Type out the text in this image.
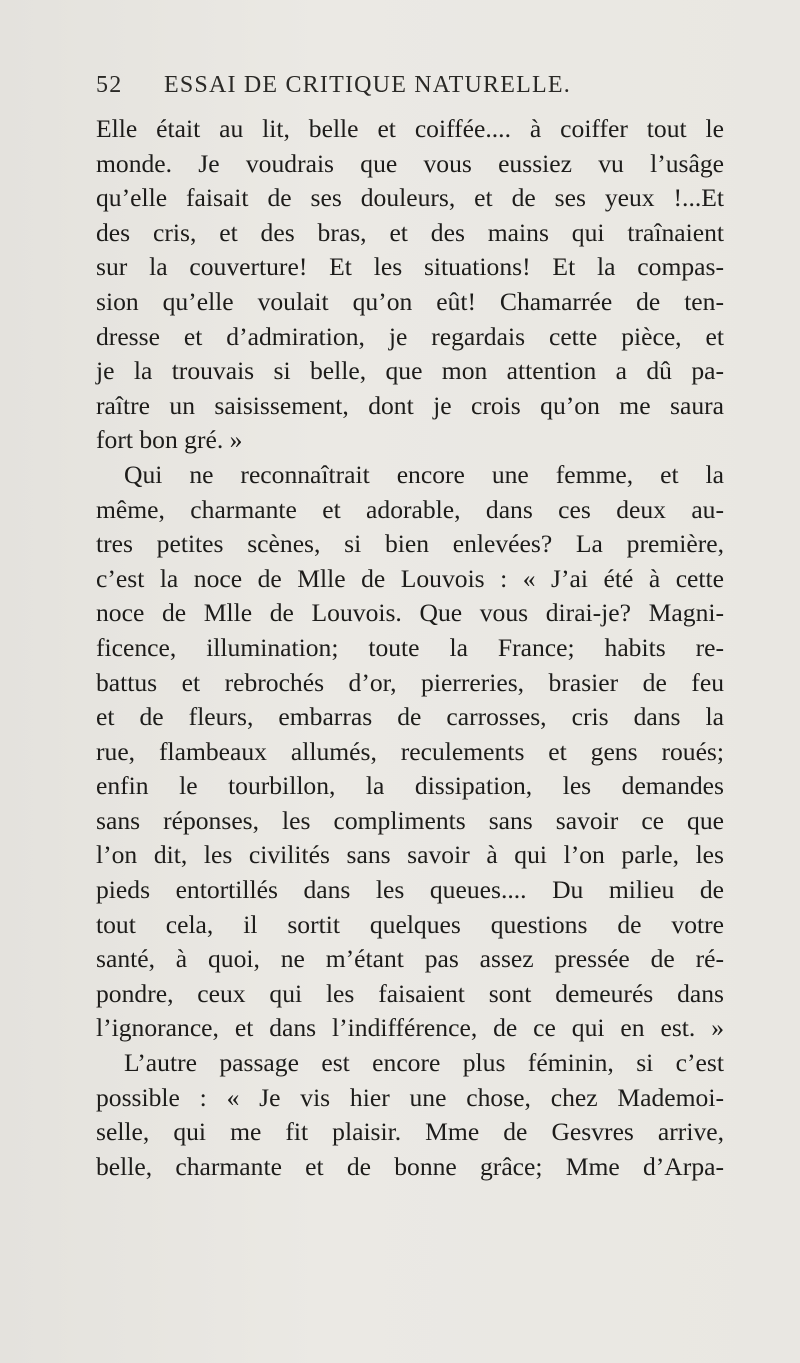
52 ESSAI DE CRITIQUE NATURELLE.
Elle était au lit, belle et coiffée.... à coiffer tout le
monde. Je voudrais que vous eussiez vu l’usâge
qu’elle faisait de ses douleurs, et de ses yeux !...Et
des cris, et des bras, et des mains qui traînaient
sur la couverture! Et les situations! Et la compas-
sion qu’elle voulait qu’on eût! Chamarrée de ten-
dresse et d’admiration, je regardais cette pièce, et
je la trouvais si belle, que mon attention a dû pa-
raître un saisissement, dont je crois qu’on me saura
fort bon gré. »
Qui ne reconnaîtrait encore une femme, et la
même, charmante et adorable, dans ces deux au-
tres petites scènes, si bien enlevées? La première,
c’est la noce de Mlle de Louvois : « J’ai été à cette
noce de Mlle de Louvois. Que vous dirai-je? Magni-
ficence, illumination; toute la France; habits re-
battus et rebrochés d’or, pierreries, brasier de feu
et de fleurs, embarras de carrosses, cris dans la
rue, flambeaux allumés, reculements et gens roués;
enfin le tourbillon, la dissipation, les demandes
sans réponses, les compliments sans savoir ce que
l’on dit, les civilités sans savoir à qui l’on parle, les
pieds entortillés dans les queues.... Du milieu de
tout cela, il sortit quelques questions de votre
santé, à quoi, ne m’étant pas assez pressée de ré-
pondre, ceux qui les faisaient sont demeurés dans
l’ignorance, et dans l’indifférence, de ce qui en est. »
L’autre passage est encore plus féminin, si c’est
possible : « Je vis hier une chose, chez Mademoi-
selle, qui me fit plaisir. Mme de Gesvres arrive,
belle, charmante et de bonne grâce; Mme d’Arpa-
